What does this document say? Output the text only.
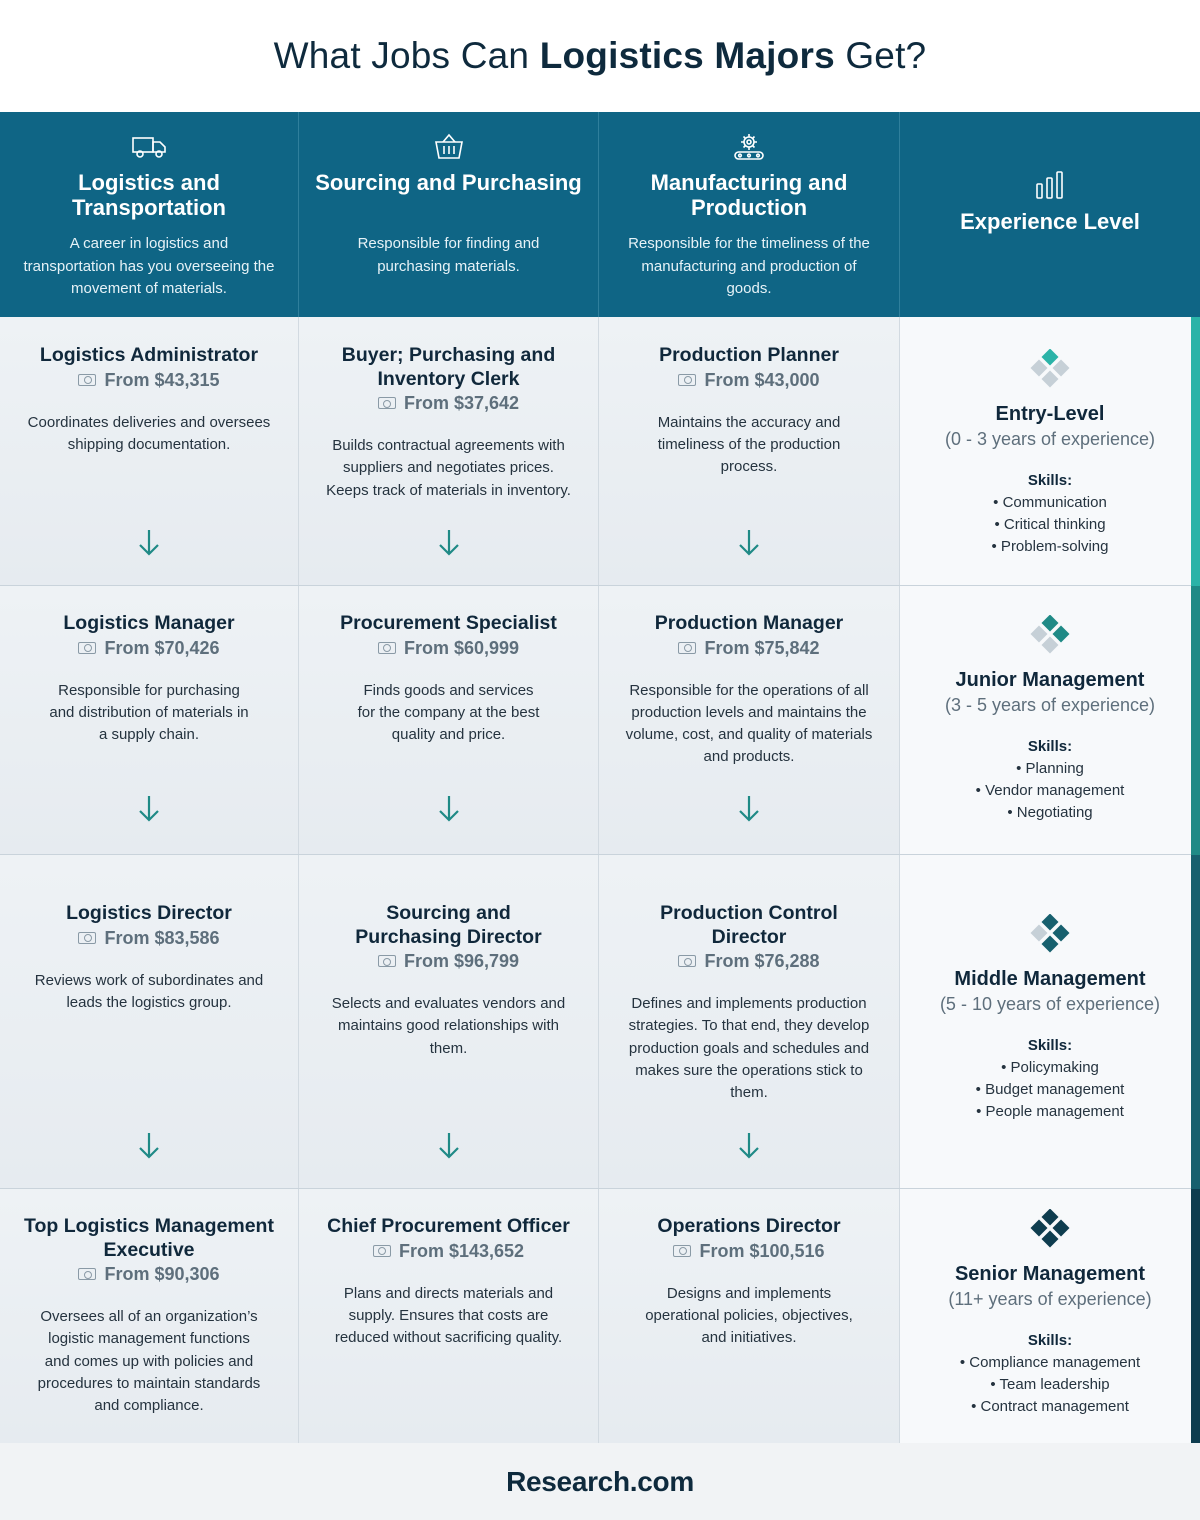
What Jobs Can Logistics Majors Get?
Logistics and Transportation
A career in logistics and transportation has you overseeing the movement of materials.
Sourcing and Purchasing
Responsible for finding and purchasing materials.
Manufacturing and Production
Responsible for the timeliness of the manufacturing and production of goods.
Experience Level
Logistics Administrator
From $43,315
Coordinates deliveries and oversees shipping documentation.
Buyer; Purchasing and Inventory Clerk
From $37,642
Builds contractual agreements with suppliers and negotiates prices. Keeps track of materials in inventory.
Production Planner
From $43,000
Maintains the accuracy and timeliness of the production process.
Entry-Level
(0 - 3 years of experience)
Skills:
• Communication
• Critical thinking
• Problem-solving
Logistics Manager
From $70,426
Responsible for purchasing and distribution of materials in a supply chain.
Procurement Specialist
From $60,999
Finds goods and services for the company at the best quality and price.
Production Manager
From $75,842
Responsible for the operations of all production levels and maintains the volume, cost, and quality of materials and products.
Junior Management
(3 - 5 years of experience)
Skills:
• Planning
• Vendor management
• Negotiating
Logistics Director
From $83,586
Reviews work of subordinates and leads the logistics group.
Sourcing and Purchasing Director
From $96,799
Selects and evaluates vendors and maintains good relationships with them.
Production Control Director
From $76,288
Defines and implements production strategies. To that end, they develop production goals and schedules and makes sure the operations stick to them.
Middle Management
(5 - 10 years of experience)
Skills:
• Policymaking
• Budget management
• People management
Top Logistics Management Executive
From $90,306
Oversees all of an organization’s logistic management functions and comes up with policies and procedures to maintain standards and compliance.
Chief Procurement Officer
From $143,652
Plans and directs materials and supply. Ensures that costs are reduced without sacrificing quality.
Operations Director
From $100,516
Designs and implements operational policies, objectives, and initiatives.
Senior Management
(11+ years of experience)
Skills:
• Compliance management
• Team leadership
• Contract management
Research.com
